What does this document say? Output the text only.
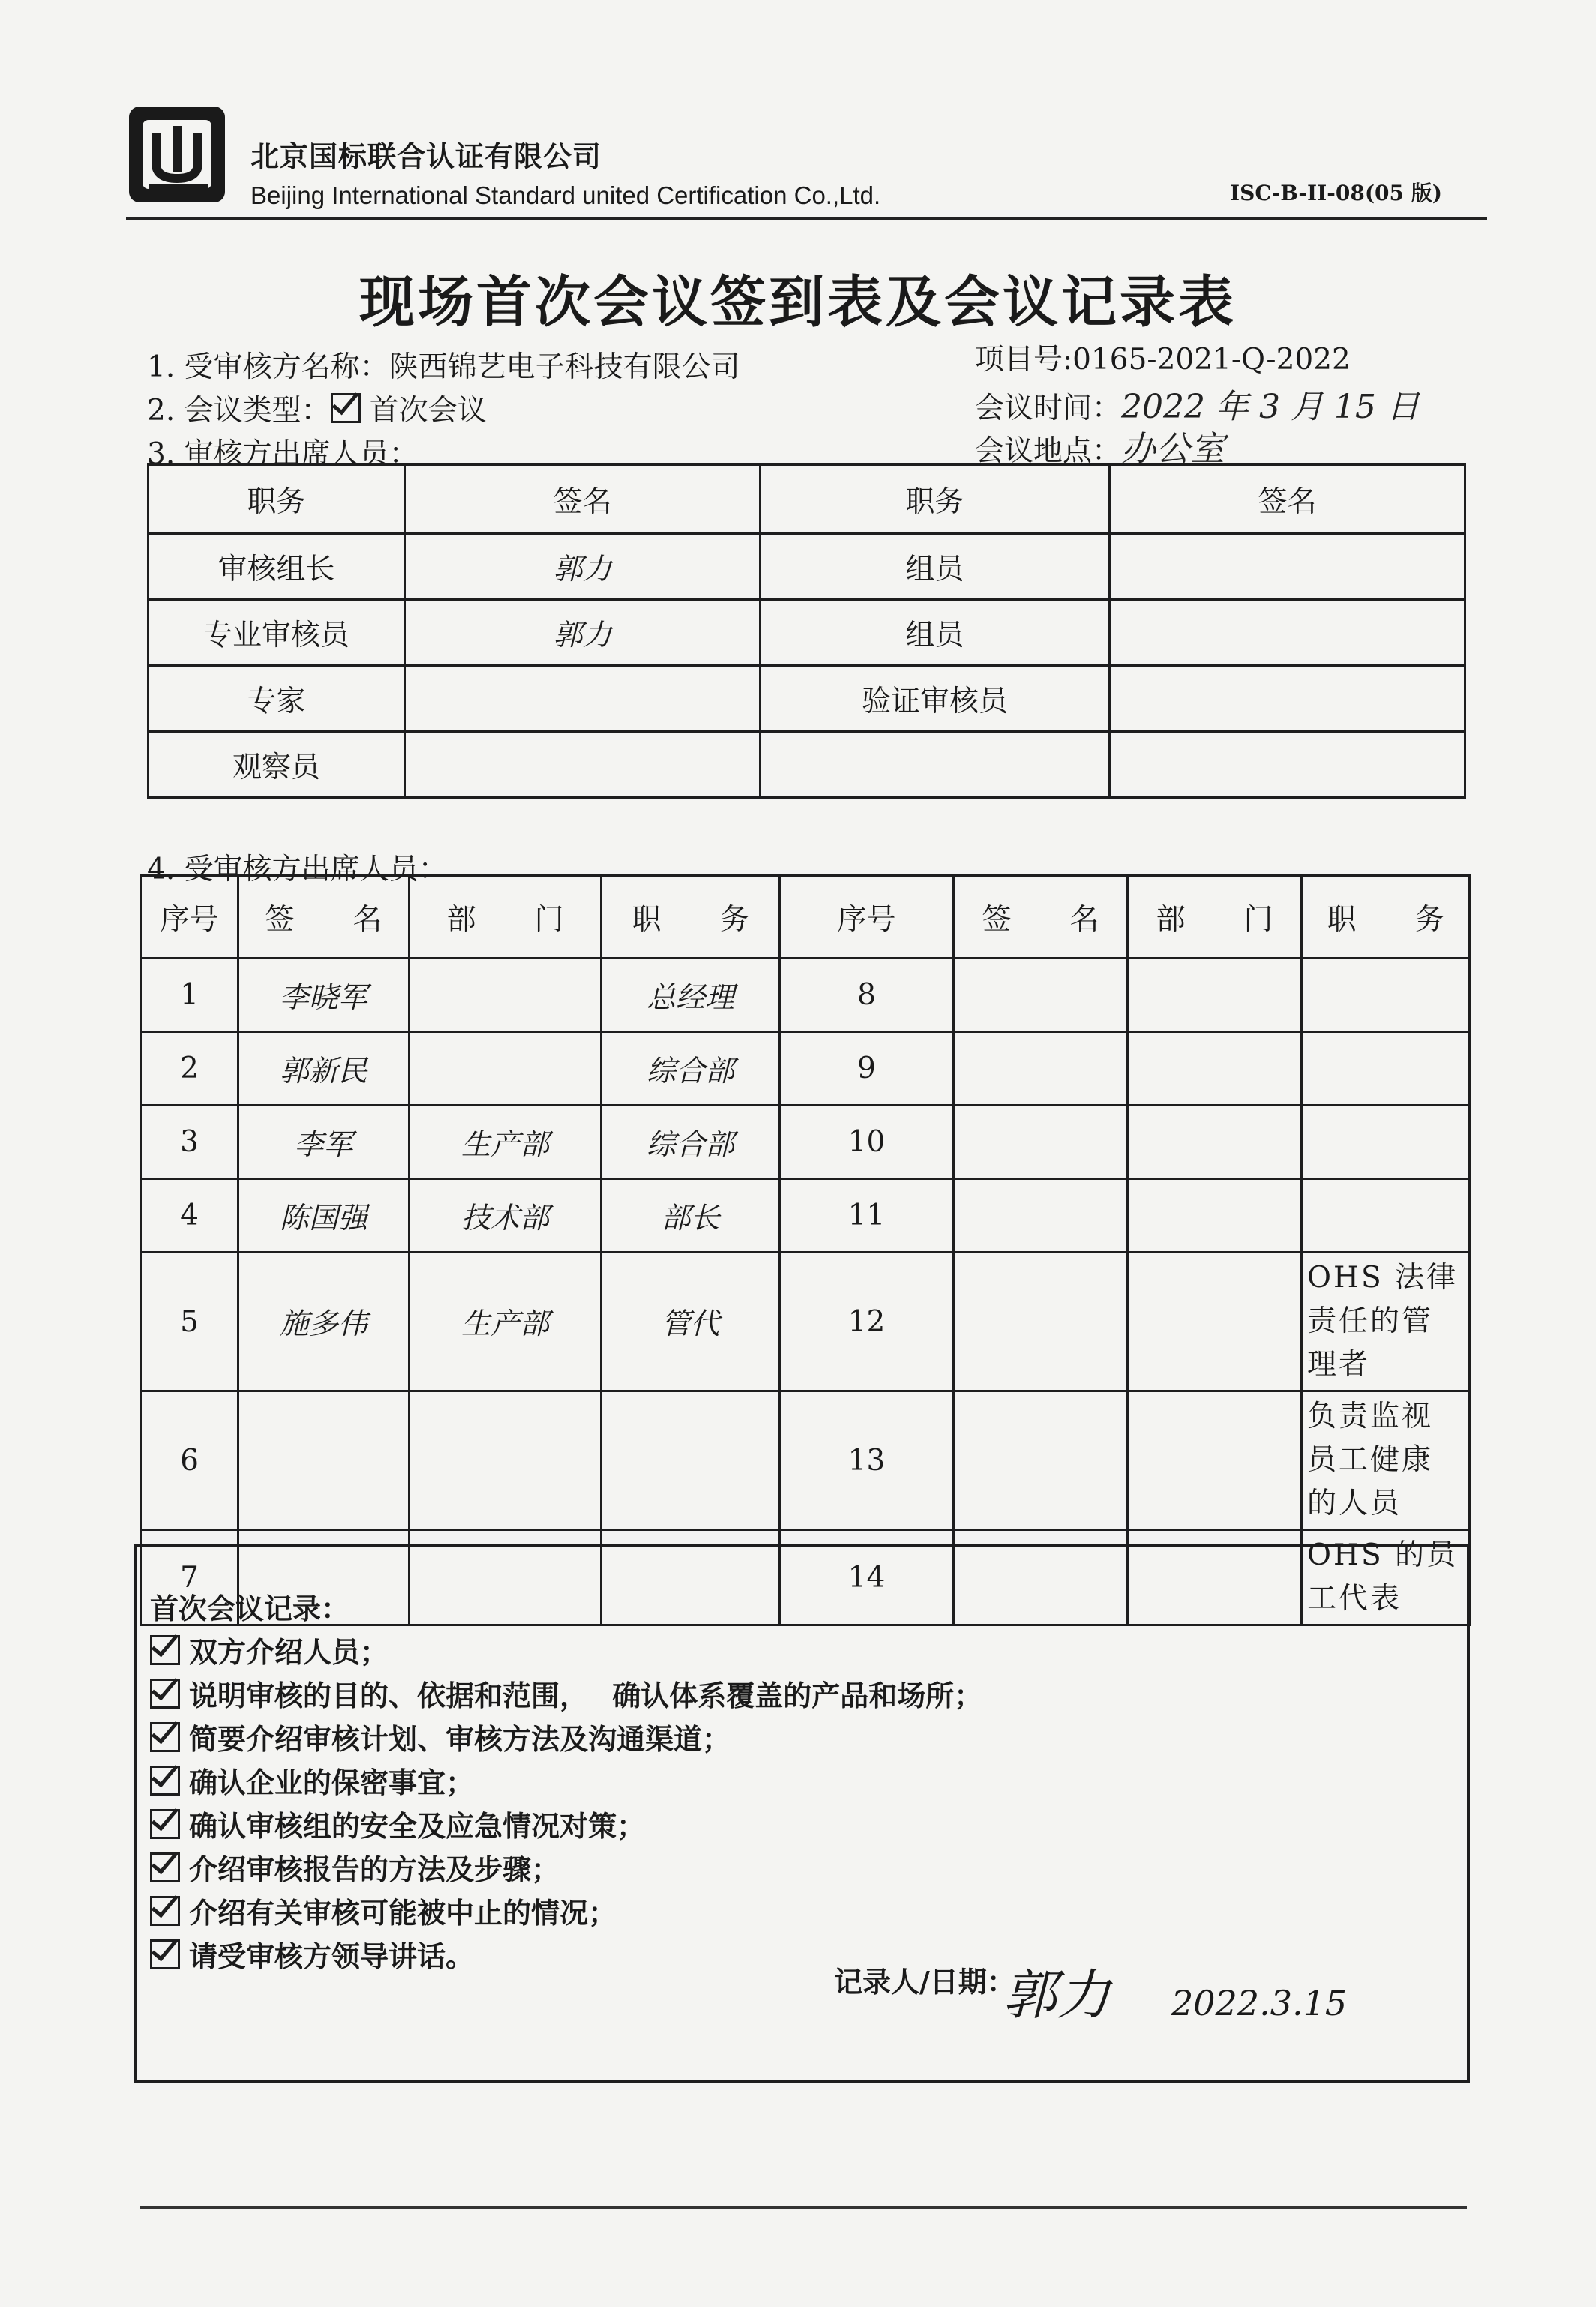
北京国标联合认证有限公司
Beijing International Standard united Certification Co.,Ltd.	ISC-B-II-08(05 版)
现场首次会议签到表及会议记录表
1. 受审核方名称：陕西锦艺电子科技有限公司
2. 会议类型： 首次会议
3. 审核方出席人员：
项目号:0165-2021-Q-2022
会议时间：2022 年 3 月 15 日
会议地点：办公室
职务	签名	职务	签名
审核组长	郭力	组员	
专业审核员	郭力	组员	
专家		验证审核员	
观察员			
4. 受审核方出席人员：
序号	签　　名	部　　门	职　　务	序号	签　　名	部　　门	职　　务
1	李晓军		总经理	8			
2	郭新民		综合部	9			
3	李军	生产部	综合部	10			
4	陈国强	技术部	部长	11			
5	施多伟	生产部	管代	12			OHS 法律责任的管理者
6				13			负责监视员工健康的人员
7				14			OHS 的员工代表
首次会议记录：
双方介绍人员；
说明审核的目的、依据和范围，　 确认体系覆盖的产品和场所；
简要介绍审核计划、审核方法及沟通渠道；
确认企业的保密事宜；
确认审核组的安全及应急情况对策；
介绍审核报告的方法及步骤；
介绍有关审核可能被中止的情况；
请受审核方领导讲话。
记录人/日期：
郭力 2022.3.15
